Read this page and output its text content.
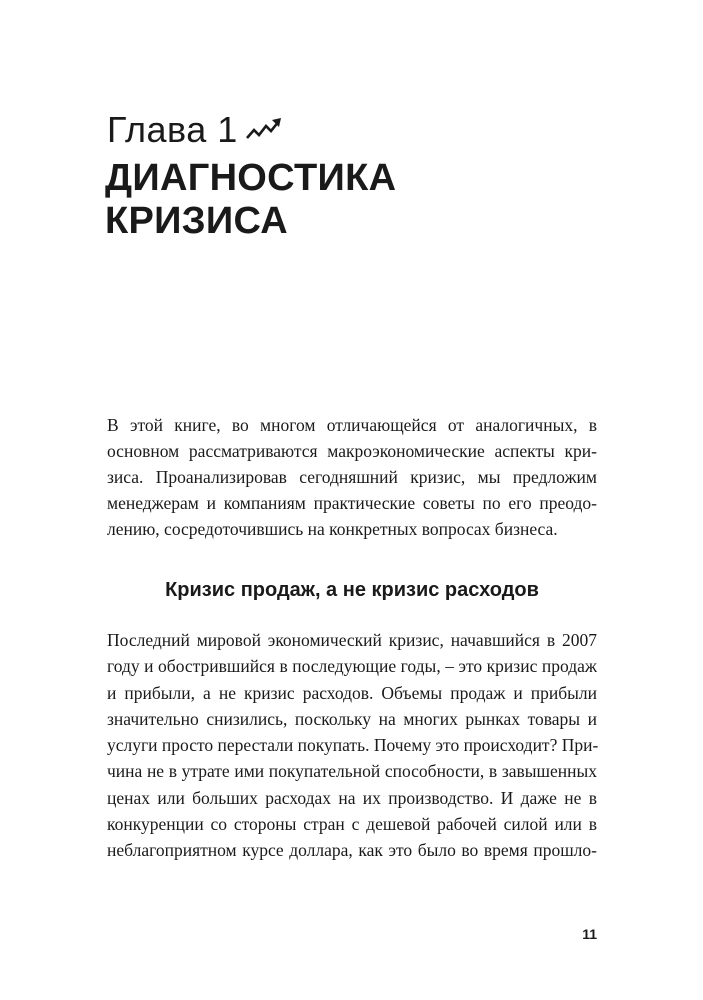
Глава 1
ДИАГНОСТИКА
КРИЗИСА
В этой книге, во многом отличающейся от аналогичных, в
основном рассматриваются макроэкономические аспекты кри-
зиса. Проанализировав сегодняшний кризис, мы предложим
менеджерам и компаниям практические советы по его преодо-
лению, сосредоточившись на конкретных вопросах бизнеса.
Кризис продаж, а не кризис расходов
Последний мировой экономический кризис, начавшийся в 2007
году и обострившийся в последующие годы, – это кризис продаж
и прибыли, а не кризис расходов. Объемы продаж и прибыли
значительно снизились, поскольку на многих рынках товары и
услуги просто перестали покупать. Почему это происходит? При-
чина не в утрате ими покупательной способности, в завышенных
ценах или больших расходах на их производство. И даже не в
конкуренции со стороны стран с дешевой рабочей силой или в
неблагоприятном курсе доллара, как это было во время прошло-
11
